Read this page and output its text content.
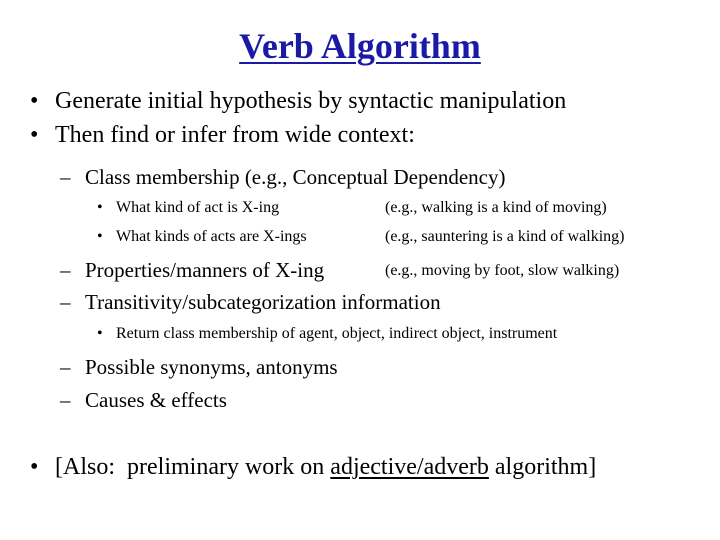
Verb Algorithm
• Generate initial hypothesis by syntactic manipulation
• Then find or infer from wide context:
– Class membership (e.g., Conceptual Dependency)
• What kind of act is X-ing	(e.g., walking is a kind of moving)
• What kinds of acts are X-ings	(e.g., sauntering is a kind of walking)
– Properties/manners of X-ing	(e.g., moving by foot, slow walking)
– Transitivity/subcategorization information
• Return class membership of agent, object, indirect object, instrument
– Possible synonyms, antonyms
– Causes & effects
• [Also:  preliminary work on adjective/adverb algorithm]
